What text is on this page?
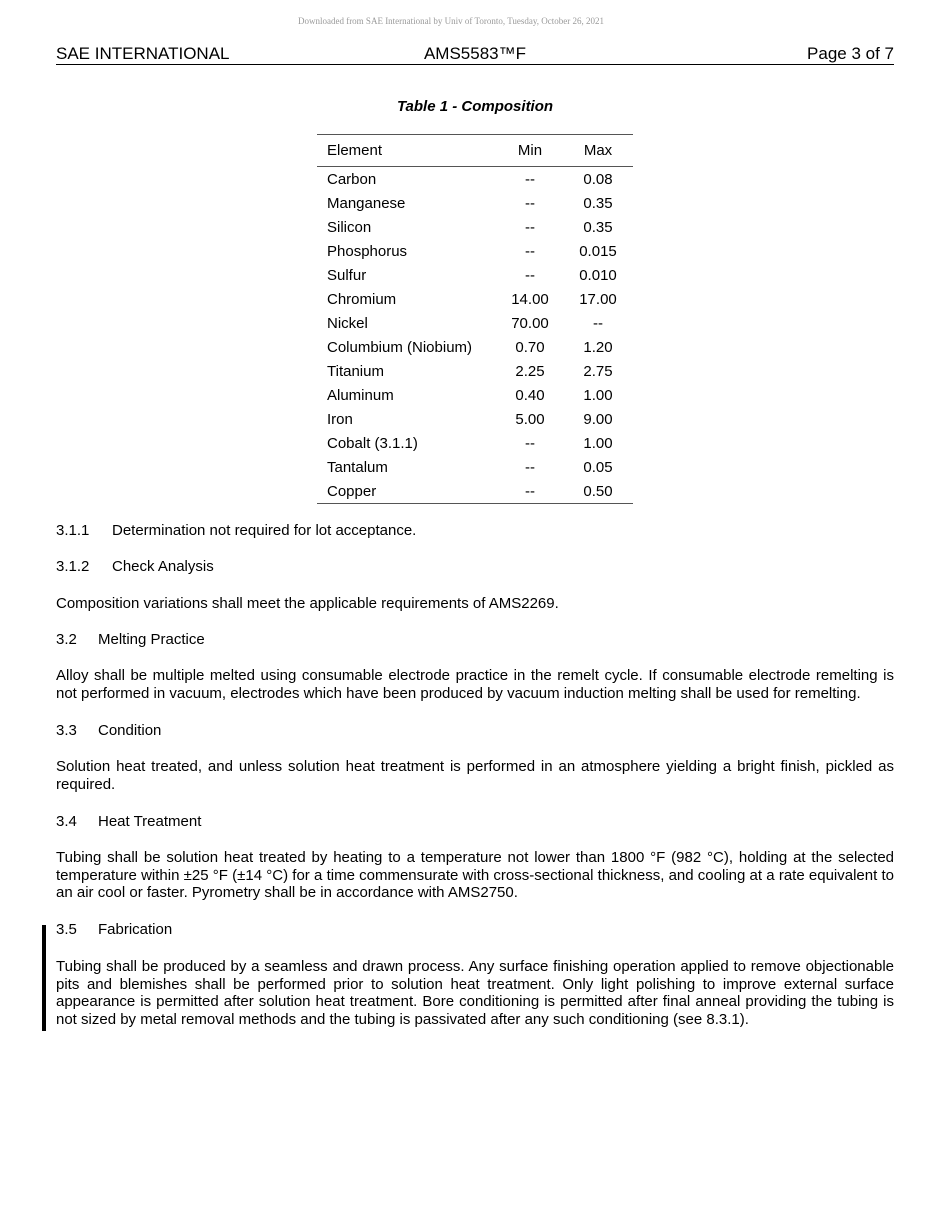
Downloaded from SAE International by Univ of Toronto, Tuesday, October 26, 2021
SAE INTERNATIONAL	AMS5583™F	Page 3 of 7
Table 1 - Composition
Element	Min	Max
Carbon	--	0.08
Manganese	--	0.35
Silicon	--	0.35
Phosphorus	--	0.015
Sulfur	--	0.010
Chromium	14.00	17.00
Nickel	70.00	--
Columbium (Niobium)	0.70	1.20
Titanium	2.25	2.75
Aluminum	0.40	1.00
Iron	5.00	9.00
Cobalt (3.1.1)	--	1.00
Tantalum	--	0.05
Copper	--	0.50
3.1.1 Determination not required for lot acceptance.
3.1.2 Check Analysis
Composition variations shall meet the applicable requirements of AMS2269.
3.2 Melting Practice
Alloy shall be multiple melted using consumable electrode practice in the remelt cycle. If consumable electrode remelting is not performed in vacuum, electrodes which have been produced by vacuum induction melting shall be used for remelting.
3.3 Condition
Solution heat treated, and unless solution heat treatment is performed in an atmosphere yielding a bright finish, pickled as required.
3.4 Heat Treatment
Tubing shall be solution heat treated by heating to a temperature not lower than 1800 °F (982 °C), holding at the selected temperature within ±25 °F (±14 °C) for a time commensurate with cross-sectional thickness, and cooling at a rate equivalent to an air cool or faster. Pyrometry shall be in accordance with AMS2750.
3.5 Fabrication
Tubing shall be produced by a seamless and drawn process. Any surface finishing operation applied to remove objectionable pits and blemishes shall be performed prior to solution heat treatment. Only light polishing to improve external surface appearance is permitted after solution heat treatment. Bore conditioning is permitted after final anneal providing the tubing is not sized by metal removal methods and the tubing is passivated after any such conditioning (see 8.3.1).
